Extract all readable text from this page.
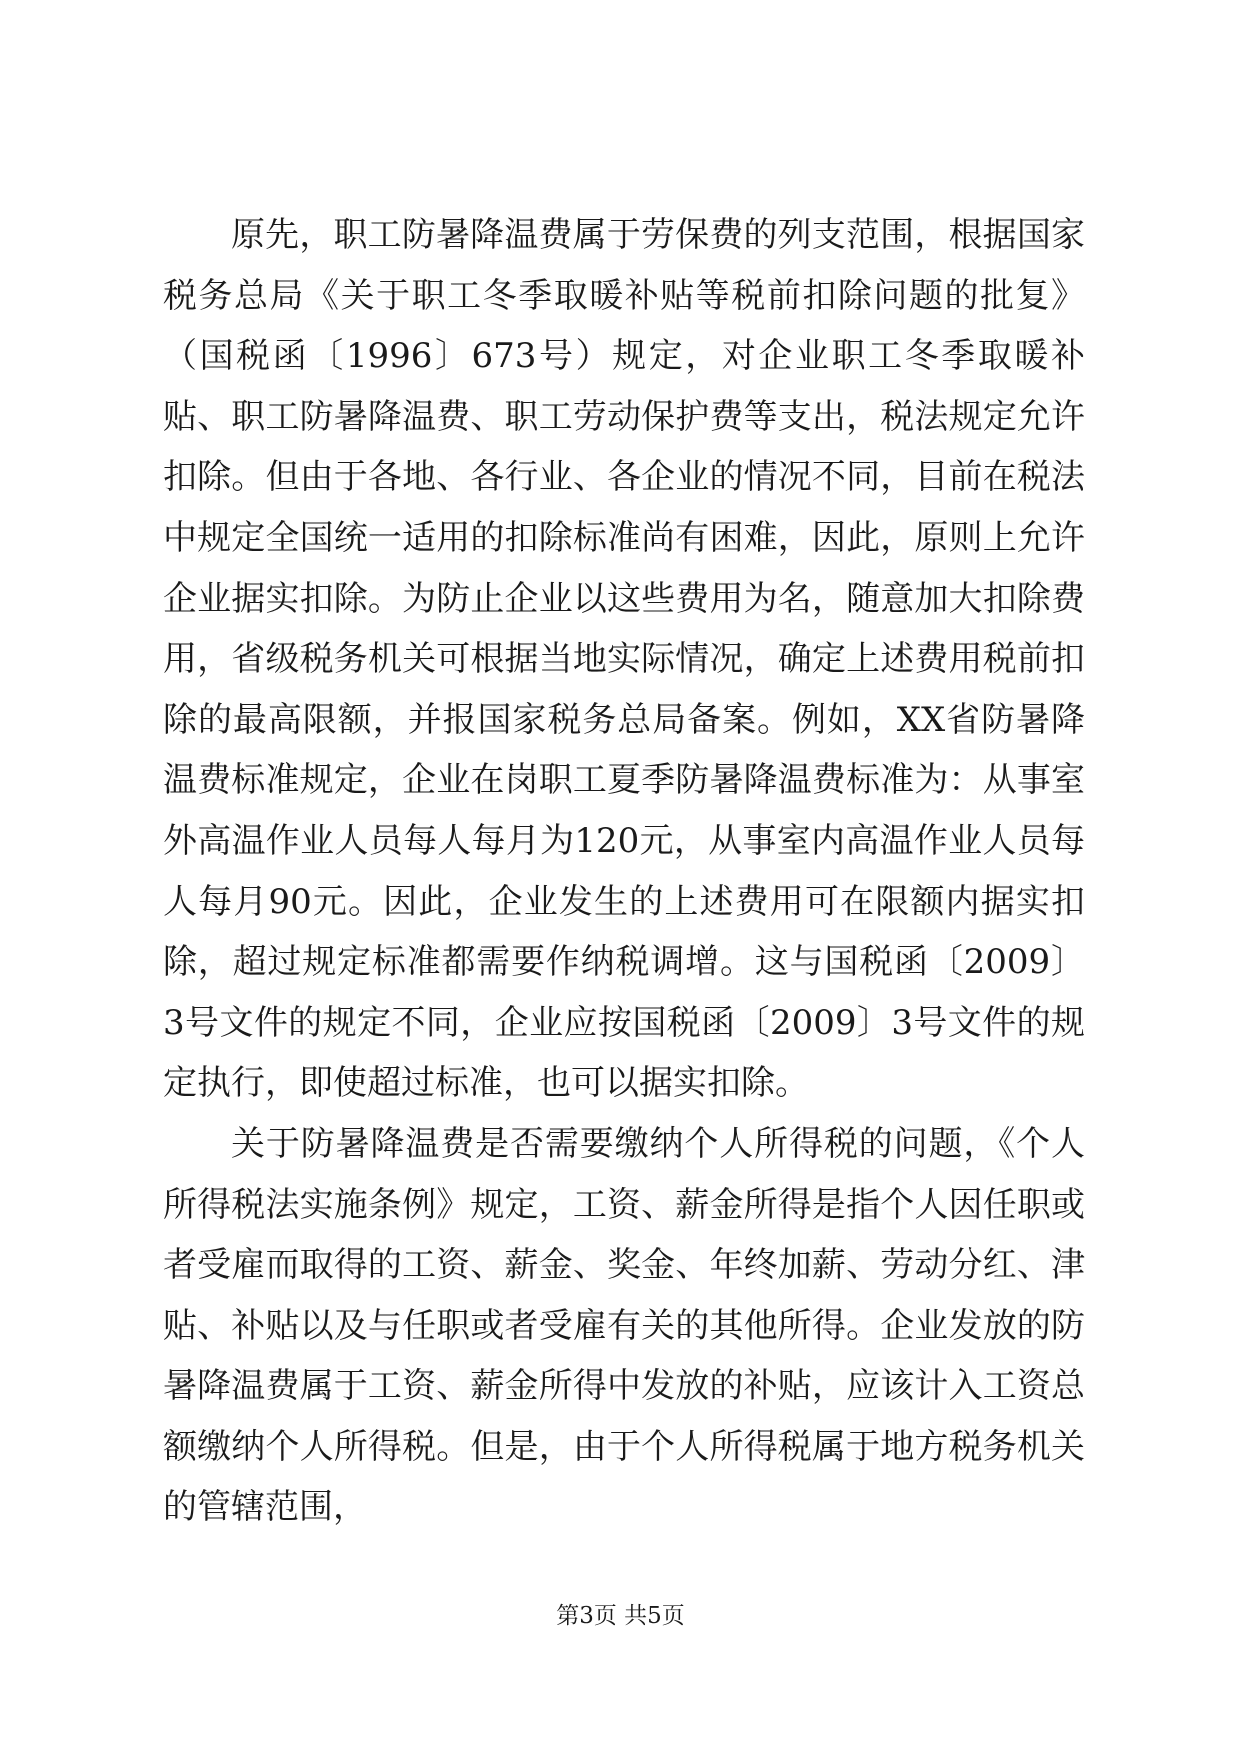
原先，职工防暑降温费属于劳保费的列支范围，根据国家税务总局《关于职工冬季取暖补贴等税前扣除问题的批复》（国税函〔1996〕673号）规定，对企业职工冬季取暖补贴、职工防暑降温费、职工劳动保护费等支出，税法规定允许扣除。但由于各地、各行业、各企业的情况不同，目前在税法中规定全国统一适用的扣除标准尚有困难，因此，原则上允许企业据实扣除。为防止企业以这些费用为名，随意加大扣除费用，省级税务机关可根据当地实际情况，确定上述费用税前扣除的最高限额，并报国家税务总局备案。例如，XX省防暑降温费标准规定，企业在岗职工夏季防暑降温费标准为：从事室外高温作业人员每人每月为120元，从事室内高温作业人员每人每月90元。因此，企业发生的上述费用可在限额内据实扣除，超过规定标准都需要作纳税调增。这与国税函〔2009〕3号文件的规定不同，企业应按国税函〔2009〕3号文件的规定执行，即使超过标准，也可以据实扣除。

关于防暑降温费是否需要缴纳个人所得税的问题，《个人所得税法实施条例》规定，工资、薪金所得是指个人因任职或者受雇而取得的工资、薪金、奖金、年终加薪、劳动分红、津贴、补贴以及与任职或者受雇有关的其他所得。企业发放的防暑降温费属于工资、薪金所得中发放的补贴，应该计入工资总额缴纳个人所得税。但是，由于个人所得税属于地方税务机关的管辖范围，

第3页 共5页
